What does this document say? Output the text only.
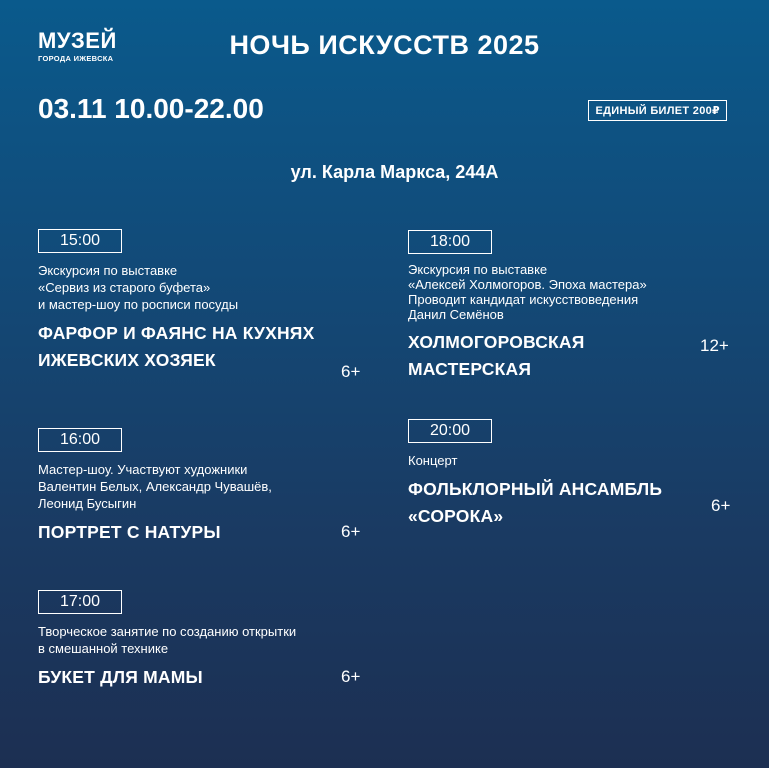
МУЗЕЙ
ГОРОДА ИЖЕВСКА	НОЧЬ ИСКУССТВ 2025
03.11 10.00-22.00	ЕДИНЫЙ БИЛЕТ 200₽
ул. Карла Маркса, 244А
15:00
Экскурсия по выставке
«Сервиз из старого буфета»
и мастер-шоу по росписи посуды
ФАРФОР И ФАЯНС НА КУХНЯХ
ИЖЕВСКИХ ХОЗЯЕК
6+
16:00
Мастер-шоу. Участвуют художники
Валентин Белых, Александр Чувашёв,
Леонид Бусыгин
ПОРТРЕТ С НАТУРЫ	6+
17:00
Творческое занятие по созданию открытки
в смешанной технике
БУКЕТ ДЛЯ МАМЫ	6+
18:00
Экскурсия по выставке
«Алексей Холмогоров. Эпоха мастера»
Проводит кандидат искусствоведения
Данил Семёнов
ХОЛМОГОРОВСКАЯ
МАСТЕРСКАЯ
12+
20:00
Концерт
ФОЛЬКЛОРНЫЙ АНСАМБЛЬ
«СОРОКА»
6+
